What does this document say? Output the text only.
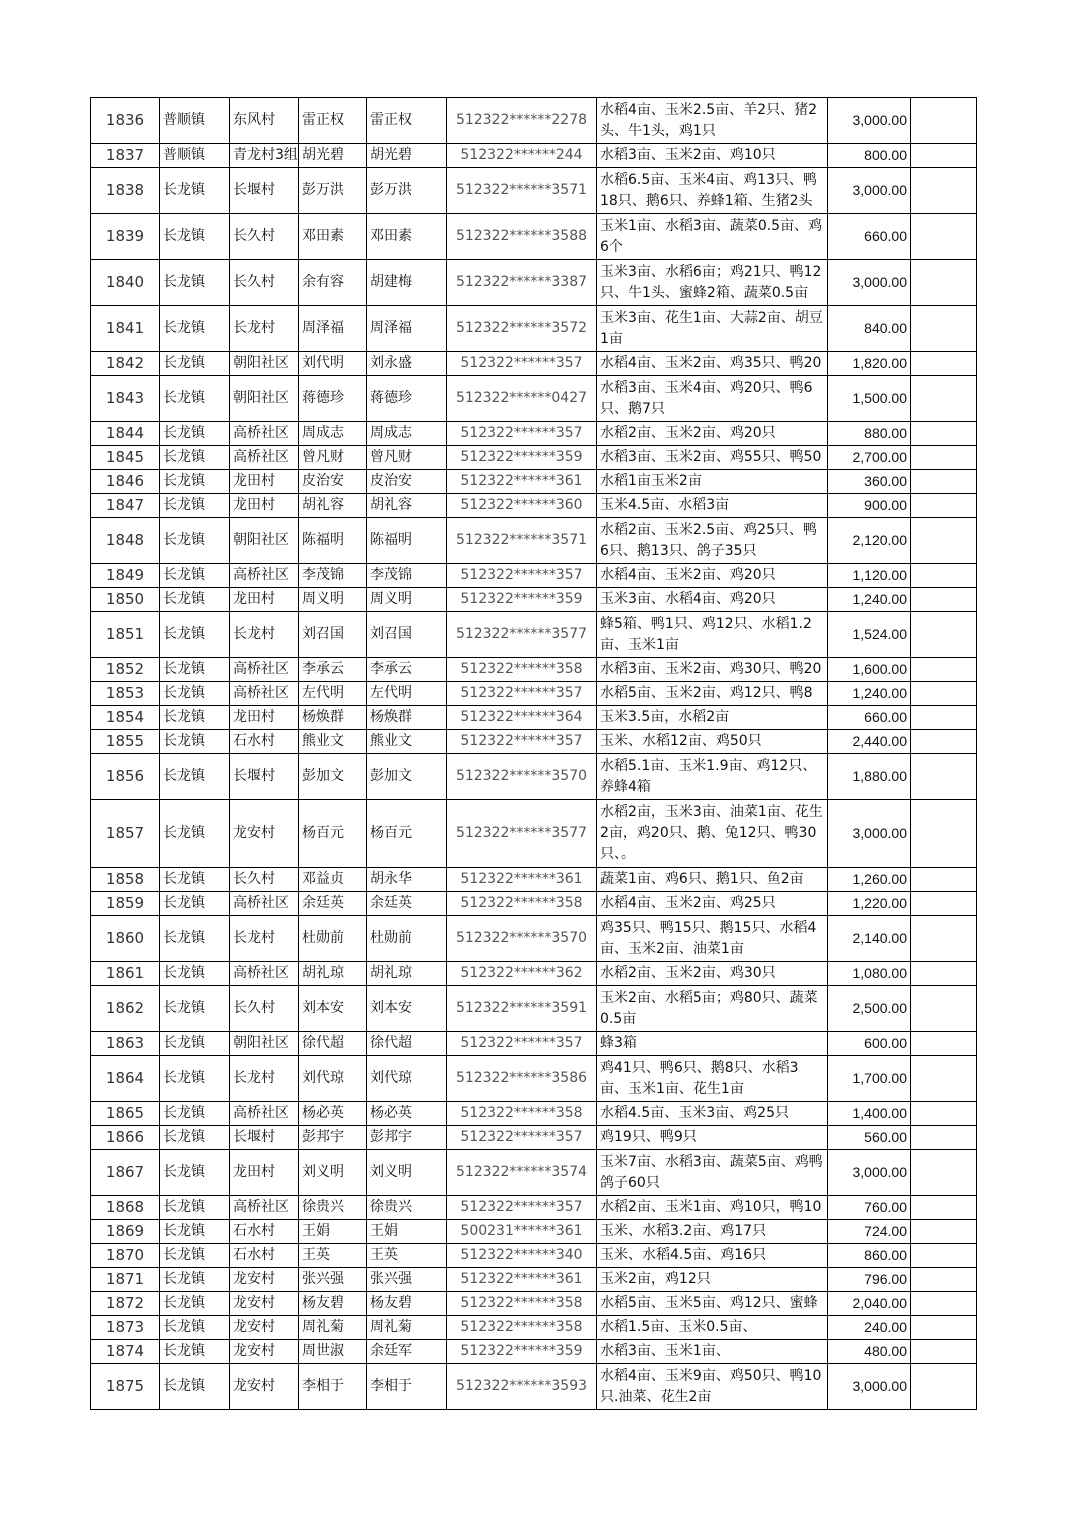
1836	普顺镇	东风村	雷正权	雷正权	512322******2278	水稻4亩、玉米2.5亩、羊2只、猪2头、牛1头，鸡1只	3,000.00	
1837	普顺镇	青龙村3组	胡光碧	胡光碧	512322******244	水稻3亩、玉米2亩、鸡10只	800.00	
1838	长龙镇	长堰村	彭万洪	彭万洪	512322******3571	水稻6.5亩、玉米4亩、鸡13只、鸭18只、鹅6只、养蜂1箱、生猪2头	3,000.00	
1839	长龙镇	长久村	邓田素	邓田素	512322******3588	玉米1亩、水稻3亩、蔬菜0.5亩、鸡6个	660.00	
1840	长龙镇	长久村	余有容	胡建梅	512322******3387	玉米3亩、水稻6亩；鸡21只、鸭12只、牛1头、蜜蜂2箱、蔬菜0.5亩	3,000.00	
1841	长龙镇	长龙村	周泽福	周泽福	512322******3572	玉米3亩、花生1亩、大蒜2亩、胡豆1亩	840.00	
1842	长龙镇	朝阳社区	刘代明	刘永盛	512322******357	水稻4亩、玉米2亩、鸡35只、鸭20	1,820.00	
1843	长龙镇	朝阳社区	蒋德珍	蒋德珍	512322******0427	水稻3亩、玉米4亩、鸡20只、鸭6只、鹅7只	1,500.00	
1844	长龙镇	高桥社区	周成志	周成志	512322******357	水稻2亩、玉米2亩、鸡20只	880.00	
1845	长龙镇	高桥社区	曾凡财	曾凡财	512322******359	水稻3亩、玉米2亩、鸡55只、鸭50	2,700.00	
1846	长龙镇	龙田村	皮治安	皮治安	512322******361	水稻1亩玉米2亩	360.00	
1847	长龙镇	龙田村	胡礼容	胡礼容	512322******360	玉米4.5亩、水稻3亩	900.00	
1848	长龙镇	朝阳社区	陈福明	陈福明	512322******3571	水稻2亩、玉米2.5亩、鸡25只、鸭6只、鹅13只、鸽子35只	2,120.00	
1849	长龙镇	高桥社区	李茂锦	李茂锦	512322******357	水稻4亩、玉米2亩、鸡20只	1,120.00	
1850	长龙镇	龙田村	周义明	周义明	512322******359	玉米3亩、水稻4亩、鸡20只	1,240.00	
1851	长龙镇	长龙村	刘召国	刘召国	512322******3577	蜂5箱、鸭1只、鸡12只、水稻1.2亩、玉米1亩	1,524.00	
1852	长龙镇	高桥社区	李承云	李承云	512322******358	水稻3亩、玉米2亩、鸡30只、鸭20	1,600.00	
1853	长龙镇	高桥社区	左代明	左代明	512322******357	水稻5亩、玉米2亩、鸡12只、鸭8	1,240.00	
1854	长龙镇	龙田村	杨焕群	杨焕群	512322******364	玉米3.5亩，水稻2亩	660.00	
1855	长龙镇	石水村	熊业文	熊业文	512322******357	玉米、水稻12亩、鸡50只	2,440.00	
1856	长龙镇	长堰村	彭加文	彭加文	512322******3570	水稻5.1亩、玉米1.9亩、鸡12只、养蜂4箱	1,880.00	
1857	长龙镇	龙安村	杨百元	杨百元	512322******3577	水稻2亩，玉米3亩、油菜1亩、花生2亩，鸡20只、鹅、兔12只、鸭30只、。	3,000.00	
1858	长龙镇	长久村	邓益贞	胡永华	512322******361	蔬菜1亩、鸡6只、鹅1只、鱼2亩	1,260.00	
1859	长龙镇	高桥社区	余廷英	余廷英	512322******358	水稻4亩、玉米2亩、鸡25只	1,220.00	
1860	长龙镇	长龙村	杜勋前	杜勋前	512322******3570	鸡35只、鸭15只、鹅15只、水稻4亩、玉米2亩、油菜1亩	2,140.00	
1861	长龙镇	高桥社区	胡礼琼	胡礼琼	512322******362	水稻2亩、玉米2亩、鸡30只	1,080.00	
1862	长龙镇	长久村	刘本安	刘本安	512322******3591	玉米2亩、水稻5亩；鸡80只、蔬菜0.5亩	2,500.00	
1863	长龙镇	朝阳社区	徐代超	徐代超	512322******357	蜂3箱	600.00	
1864	长龙镇	长龙村	刘代琼	刘代琼	512322******3586	鸡41只、鸭6只、鹅8只、水稻3亩、玉米1亩、花生1亩	1,700.00	
1865	长龙镇	高桥社区	杨必英	杨必英	512322******358	水稻4.5亩、玉米3亩、鸡25只	1,400.00	
1866	长龙镇	长堰村	彭邦宇	彭邦宇	512322******357	鸡19只、鸭9只	560.00	
1867	长龙镇	龙田村	刘义明	刘义明	512322******3574	玉米7亩、水稻3亩、蔬菜5亩、鸡鸭鸽子60只	3,000.00	
1868	长龙镇	高桥社区	徐贵兴	徐贵兴	512322******357	水稻2亩、玉米1亩、鸡10只，鸭10	760.00	
1869	长龙镇	石水村	王娟	王娟	500231******361	玉米、水稻3.2亩、鸡17只	724.00	
1870	长龙镇	石水村	王英	王英	512322******340	玉米、水稻4.5亩、鸡16只	860.00	
1871	长龙镇	龙安村	张兴强	张兴强	512322******361	玉米2亩，鸡12只	796.00	
1872	长龙镇	龙安村	杨友碧	杨友碧	512322******358	水稻5亩、玉米5亩、鸡12只、蜜蜂	2,040.00	
1873	长龙镇	龙安村	周礼菊	周礼菊	512322******358	水稻1.5亩、玉米0.5亩、	240.00	
1874	长龙镇	龙安村	周世淑	余廷军	512322******359	水稻3亩、玉米1亩、	480.00	
1875	长龙镇	龙安村	李相于	李相于	512322******3593	水稻4亩、玉米9亩、鸡50只、鸭10只.油菜、花生2亩	3,000.00	
